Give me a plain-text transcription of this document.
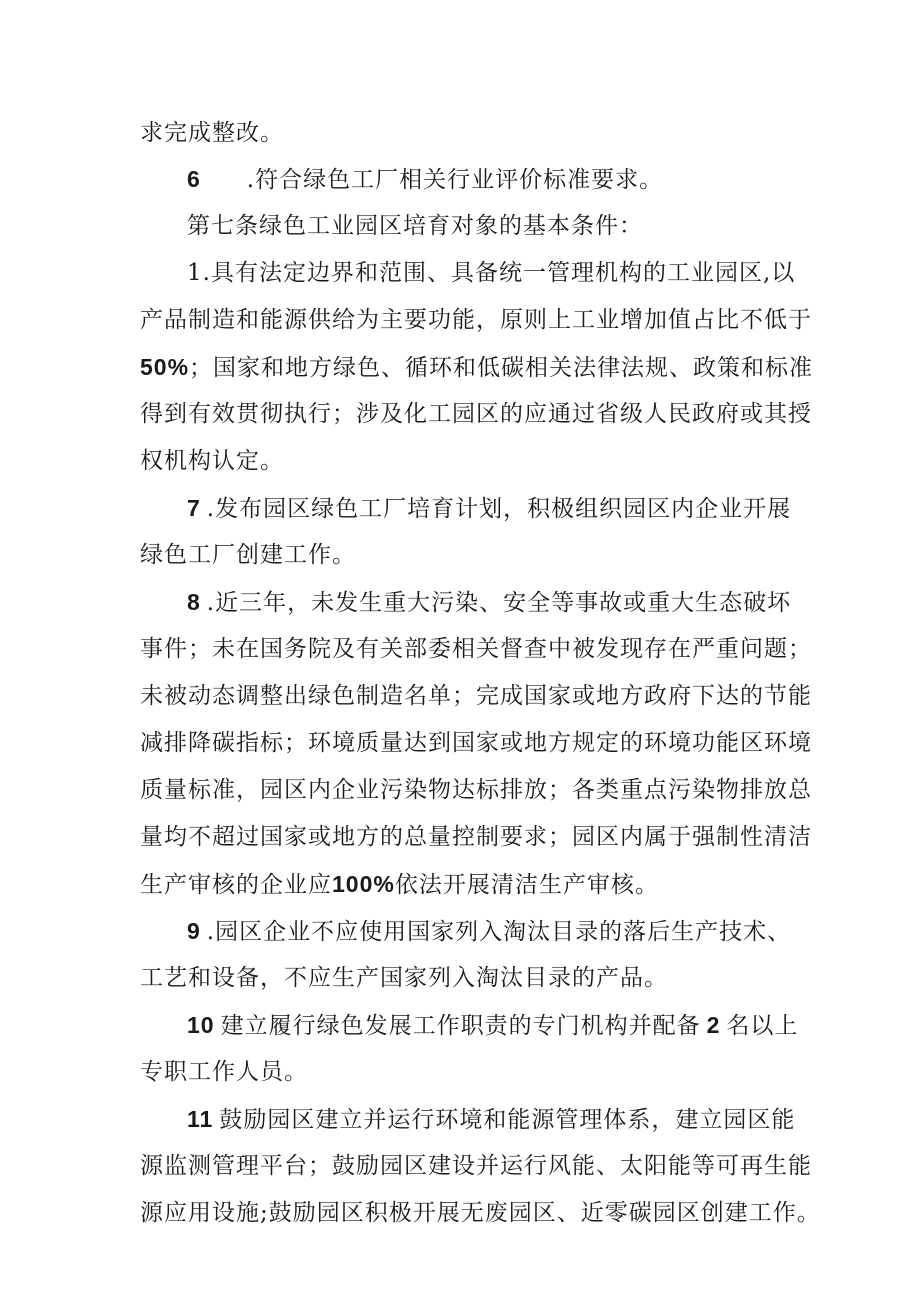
求完成整改。
6 .符合绿色工厂相关行业评价标准要求。
第七条绿色工业园区培育对象的基本条件：
1.具有法定边界和范围、具备统一管理机构的工业园区,以
产品制造和能源供给为主要功能，原则上工业增加值占比不低于
50%；国家和地方绿色、循环和低碳相关法律法规、政策和标准
得到有效贯彻执行；涉及化工园区的应通过省级人民政府或其授
权机构认定。
7 .发布园区绿色工厂培育计划，积极组织园区内企业开展
绿色工厂创建工作。
8 .近三年，未发生重大污染、安全等事故或重大生态破坏
事件；未在国务院及有关部委相关督查中被发现存在严重问题；
未被动态调整出绿色制造名单；完成国家或地方政府下达的节能
减排降碳指标；环境质量达到国家或地方规定的环境功能区环境
质量标准，园区内企业污染物达标排放；各类重点污染物排放总
量均不超过国家或地方的总量控制要求；园区内属于强制性清洁
生产审核的企业应100%依法开展清洁生产审核。
9 .园区企业不应使用国家列入淘汰目录的落后生产技术、
工艺和设备，不应生产国家列入淘汰目录的产品。
10 建立履行绿色发展工作职责的专门机构并配备 2 名以上
专职工作人员。
11 鼓励园区建立并运行环境和能源管理体系，建立园区能
源监测管理平台；鼓励园区建设并运行风能、太阳能等可再生能
源应用设施;鼓励园区积极开展无废园区、近零碳园区创建工作。
